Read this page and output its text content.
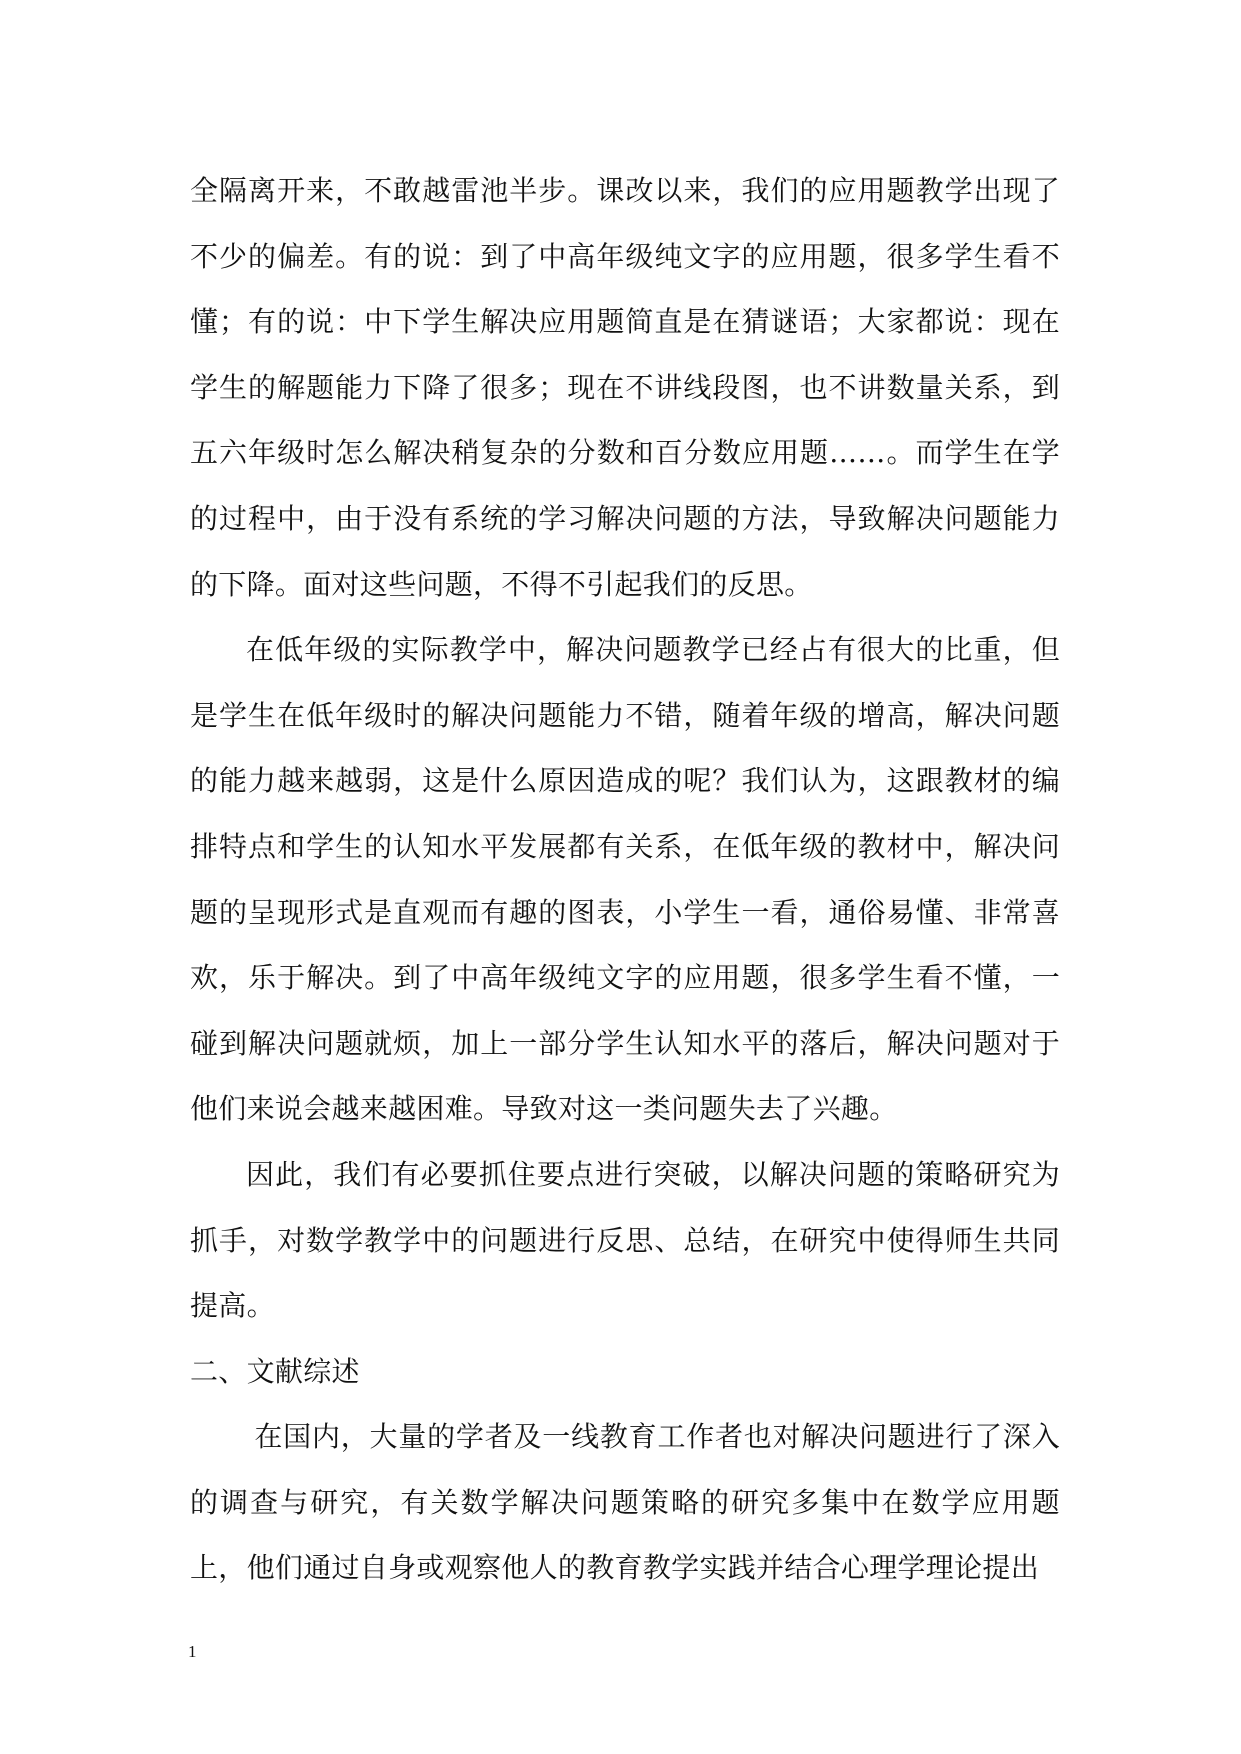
全隔离开来，不敢越雷池半步。课改以来，我们的应用题教学出现了不少的偏差。有的说：到了中高年级纯文字的应用题，很多学生看不懂；有的说：中下学生解决应用题简直是在猜谜语；大家都说：现在学生的解题能力下降了很多；现在不讲线段图，也不讲数量关系，到五六年级时怎么解决稍复杂的分数和百分数应用题……。而学生在学的过程中，由于没有系统的学习解决问题的方法，导致解决问题能力的下降。面对这些问题，不得不引起我们的反思。

在低年级的实际教学中，解决问题教学已经占有很大的比重，但是学生在低年级时的解决问题能力不错，随着年级的增高，解决问题的能力越来越弱，这是什么原因造成的呢？我们认为，这跟教材的编排特点和学生的认知水平发展都有关系，在低年级的教材中，解决问题的呈现形式是直观而有趣的图表，小学生一看，通俗易懂、非常喜欢，乐于解决。到了中高年级纯文字的应用题，很多学生看不懂，一碰到解决问题就烦，加上一部分学生认知水平的落后，解决问题对于他们来说会越来越困难。导致对这一类问题失去了兴趣。

因此，我们有必要抓住要点进行突破，以解决问题的策略研究为抓手，对数学教学中的问题进行反思、总结，在研究中使得师生共同提高。

二、文献综述

在国内，大量的学者及一线教育工作者也对解决问题进行了深入的调查与研究，有关数学解决问题策略的研究多集中在数学应用题上，他们通过自身或观察他人的教育教学实践并结合心理学理论提出

1
